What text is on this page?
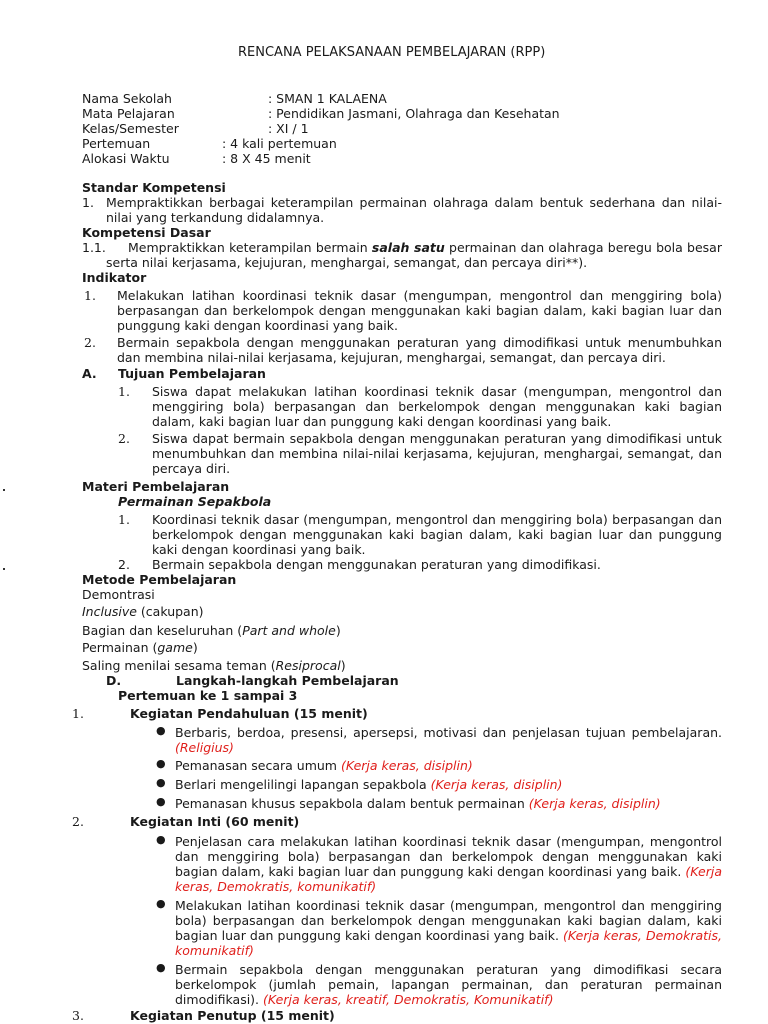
RENCANA PELAKSANAAN PEMBELAJARAN (RPP)
Nama Sekolah	: SMAN 1 KALAENA
Mata Pelajaran	: Pendidikan Jasmani, Olahraga dan Kesehatan
Kelas/Semester	: XI / 1
Pertemuan	: 4 kali pertemuan
Alokasi Waktu	: 8 X 45 menit
Standar Kompetensi
1. Mempraktikkan berbagai keterampilan permainan olahraga dalam bentuk sederhana dan nilai-nilai yang terkandung didalamnya.
Kompetensi Dasar
1.1.	Mempraktikkan keterampilan bermain salah satu permainan dan olahraga beregu bola besar serta nilai kerjasama, kejujuran, menghargai, semangat, dan percaya diri**).
Indikator
1. Melakukan latihan koordinasi teknik dasar (mengumpan, mengontrol dan menggiring bola) berpasangan dan berkelompok dengan menggunakan kaki bagian dalam, kaki bagian luar dan punggung kaki dengan koordinasi yang baik.
2. Bermain sepakbola dengan menggunakan peraturan yang dimodifikasi untuk menumbuhkan dan membina nilai-nilai kerjasama, kejujuran, menghargai, semangat, dan percaya diri.
A. Tujuan Pembelajaran
1. Siswa dapat melakukan latihan koordinasi teknik dasar (mengumpan, mengontrol dan menggiring bola) berpasangan dan berkelompok dengan menggunakan kaki bagian dalam, kaki bagian luar dan punggung kaki dengan koordinasi yang baik.
2. Siswa dapat bermain sepakbola dengan menggunakan peraturan yang dimodifikasi untuk menumbuhkan dan membina nilai-nilai kerjasama, kejujuran, menghargai, semangat, dan percaya diri.
Materi Pembelajaran
Permainan Sepakbola
1. Koordinasi teknik dasar (mengumpan, mengontrol dan menggiring bola) berpasangan dan berkelompok dengan menggunakan kaki bagian dalam, kaki bagian luar dan punggung kaki dengan koordinasi yang baik.
2. Bermain sepakbola dengan menggunakan peraturan yang dimodifikasi.
Metode Pembelajaran
Demontrasi
Inclusive (cakupan)
Bagian dan keseluruhan (Part and whole)
Permainan (game)
Saling menilai sesama teman (Resiprocal)
D.	Langkah-langkah Pembelajaran
Pertemuan ke 1 sampai 3
1.	Kegiatan Pendahuluan (15 menit)
● Berbaris, berdoa, presensi, apersepsi, motivasi dan penjelasan tujuan pembelajaran. (Religius)
● Pemanasan secara umum (Kerja keras, disiplin)
● Berlari mengelilingi lapangan sepakbola (Kerja keras, disiplin)
● Pemanasan khusus sepakbola dalam bentuk permainan (Kerja keras, disiplin)
2.	Kegiatan Inti (60 menit)
● Penjelasan cara melakukan latihan koordinasi teknik dasar (mengumpan, mengontrol dan menggiring bola) berpasangan dan berkelompok dengan menggunakan kaki bagian dalam, kaki bagian luar dan punggung kaki dengan koordinasi yang baik. (Kerja keras, Demokratis, komunikatif)
● Melakukan latihan koordinasi teknik dasar (mengumpan, mengontrol dan menggiring bola) berpasangan dan berkelompok dengan menggunakan kaki bagian dalam, kaki bagian luar dan punggung kaki dengan koordinasi yang baik. (Kerja keras, Demokratis, komunikatif)
● Bermain sepakbola dengan menggunakan peraturan yang dimodifikasi secara berkelompok (jumlah pemain, lapangan permainan, dan peraturan permainan dimodifikasi). (Kerja keras, kreatif, Demokratis, Komunikatif)
3.	Kegiatan Penutup (15 menit)
